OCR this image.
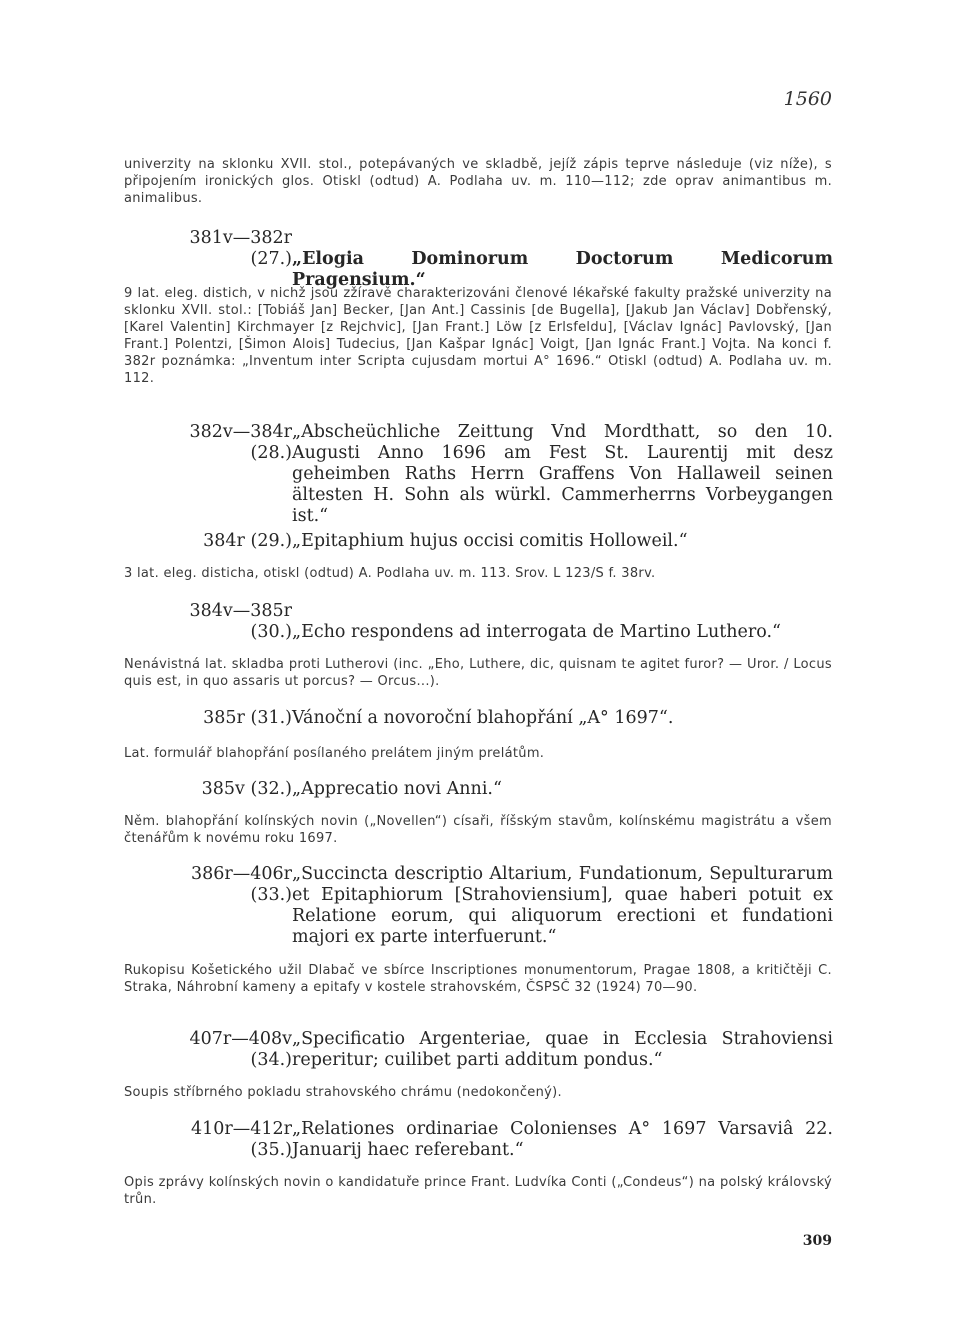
1560
univerzity na sklonku XVII. stol., potepávaných ve skladbě, jejíž zápis teprve následuje (viz níže), s připojením ironických glos. Otiskl (odtud) A. Podlaha uv. m. 110—112; zde oprav animantibus m. animalibus.
381v—382r
(27.) „Elogia Dominorum Doctorum Medicorum Pragensium.“
9 lat. eleg. distich, v nichž jsou zžíravě charakterizováni členové lékařské fakulty pražské univerzity na sklonku XVII. stol.: [Tobiáš Jan] Becker, [Jan Ant.] Cassinis [de Bugella], [Jakub Jan Václav] Dobřenský, [Karel Valentin] Kirchmayer [z Rejchvic], [Jan Frant.] Löw [z Erlsfeldu], [Václav Ignác] Pavlovský, [Jan Frant.] Polentzi, [Šimon Alois] Tudecius, [Jan Kašpar Ignác] Voigt, [Jan Ignác Frant.] Vojta. Na konci f. 382r poznámka: „Inventum inter Scripta cujusdam mortui A° 1696.“ Otiskl (odtud) A. Podlaha uv. m. 112.
382v—384r
(28.)
„Abscheüchliche Zeittung Vnd Mordthatt, so den 10. Augusti Anno 1696 am Fest St. Laurentij mit desz geheimben Raths Herrn Graffens Von Hallaweil seinen ältesten H. Sohn als würkl. Cammerherrns Vorbeygangen ist.“
384r (29.) „Epitaphium hujus occisi comitis Holloweil.“
3 lat. eleg. disticha, otiskl (odtud) A. Podlaha uv. m. 113. Srov. L 123/S f. 38rv.
384v—385r
(30.) „Echo respondens ad interrogata de Martino Luthero.“
Nenávistná lat. skladba proti Lutherovi (inc. „Eho, Luthere, dic, quisnam te agitet furor? — Uror. / Locus quis est, in quo assaris ut porcus? — Orcus...).
385r (31.) Vánoční a novoroční blahopřání „A° 1697“.
Lat. formulář blahopřání posílaného prelátem jiným prelátům.
385v (32.) „Apprecatio novi Anni.“
Něm. blahopřání kolínských novin („Novellen“) císaři, říšským stavům, kolínskému magistrátu a všem čtenářům k novému roku 1697.
386r—406r
(33.)
„Succincta descriptio Altarium, Fundationum, Sepulturarum et Epitaphiorum [Strahoviensium], quae haberi potuit ex Relatione eorum, qui aliquorum erectioni et fundationi majori ex parte interfuerunt.“
Rukopisu Košetického užil Dlabač ve sbírce Inscriptiones monumentorum, Pragae 1808, a kritičtěji C. Straka, Náhrobní kameny a epitafy v kostele strahovském, ČSPSČ 32 (1924) 70—90.
407r—408v
(34.)
„Specificatio Argenteriae, quae in Ecclesia Strahoviensi reperitur; cuilibet parti additum pondus.“
Soupis stříbrného pokladu strahovského chrámu (nedokončený).
410r—412r
(35.)
„Relationes ordinariae Colonienses A° 1697 Varsaviâ 22. Januarij haec referebant.“
Opis zprávy kolínských novin o kandidatuře prince Frant. Ludvíka Conti („Condeus“) na polský královský trůn.
309
